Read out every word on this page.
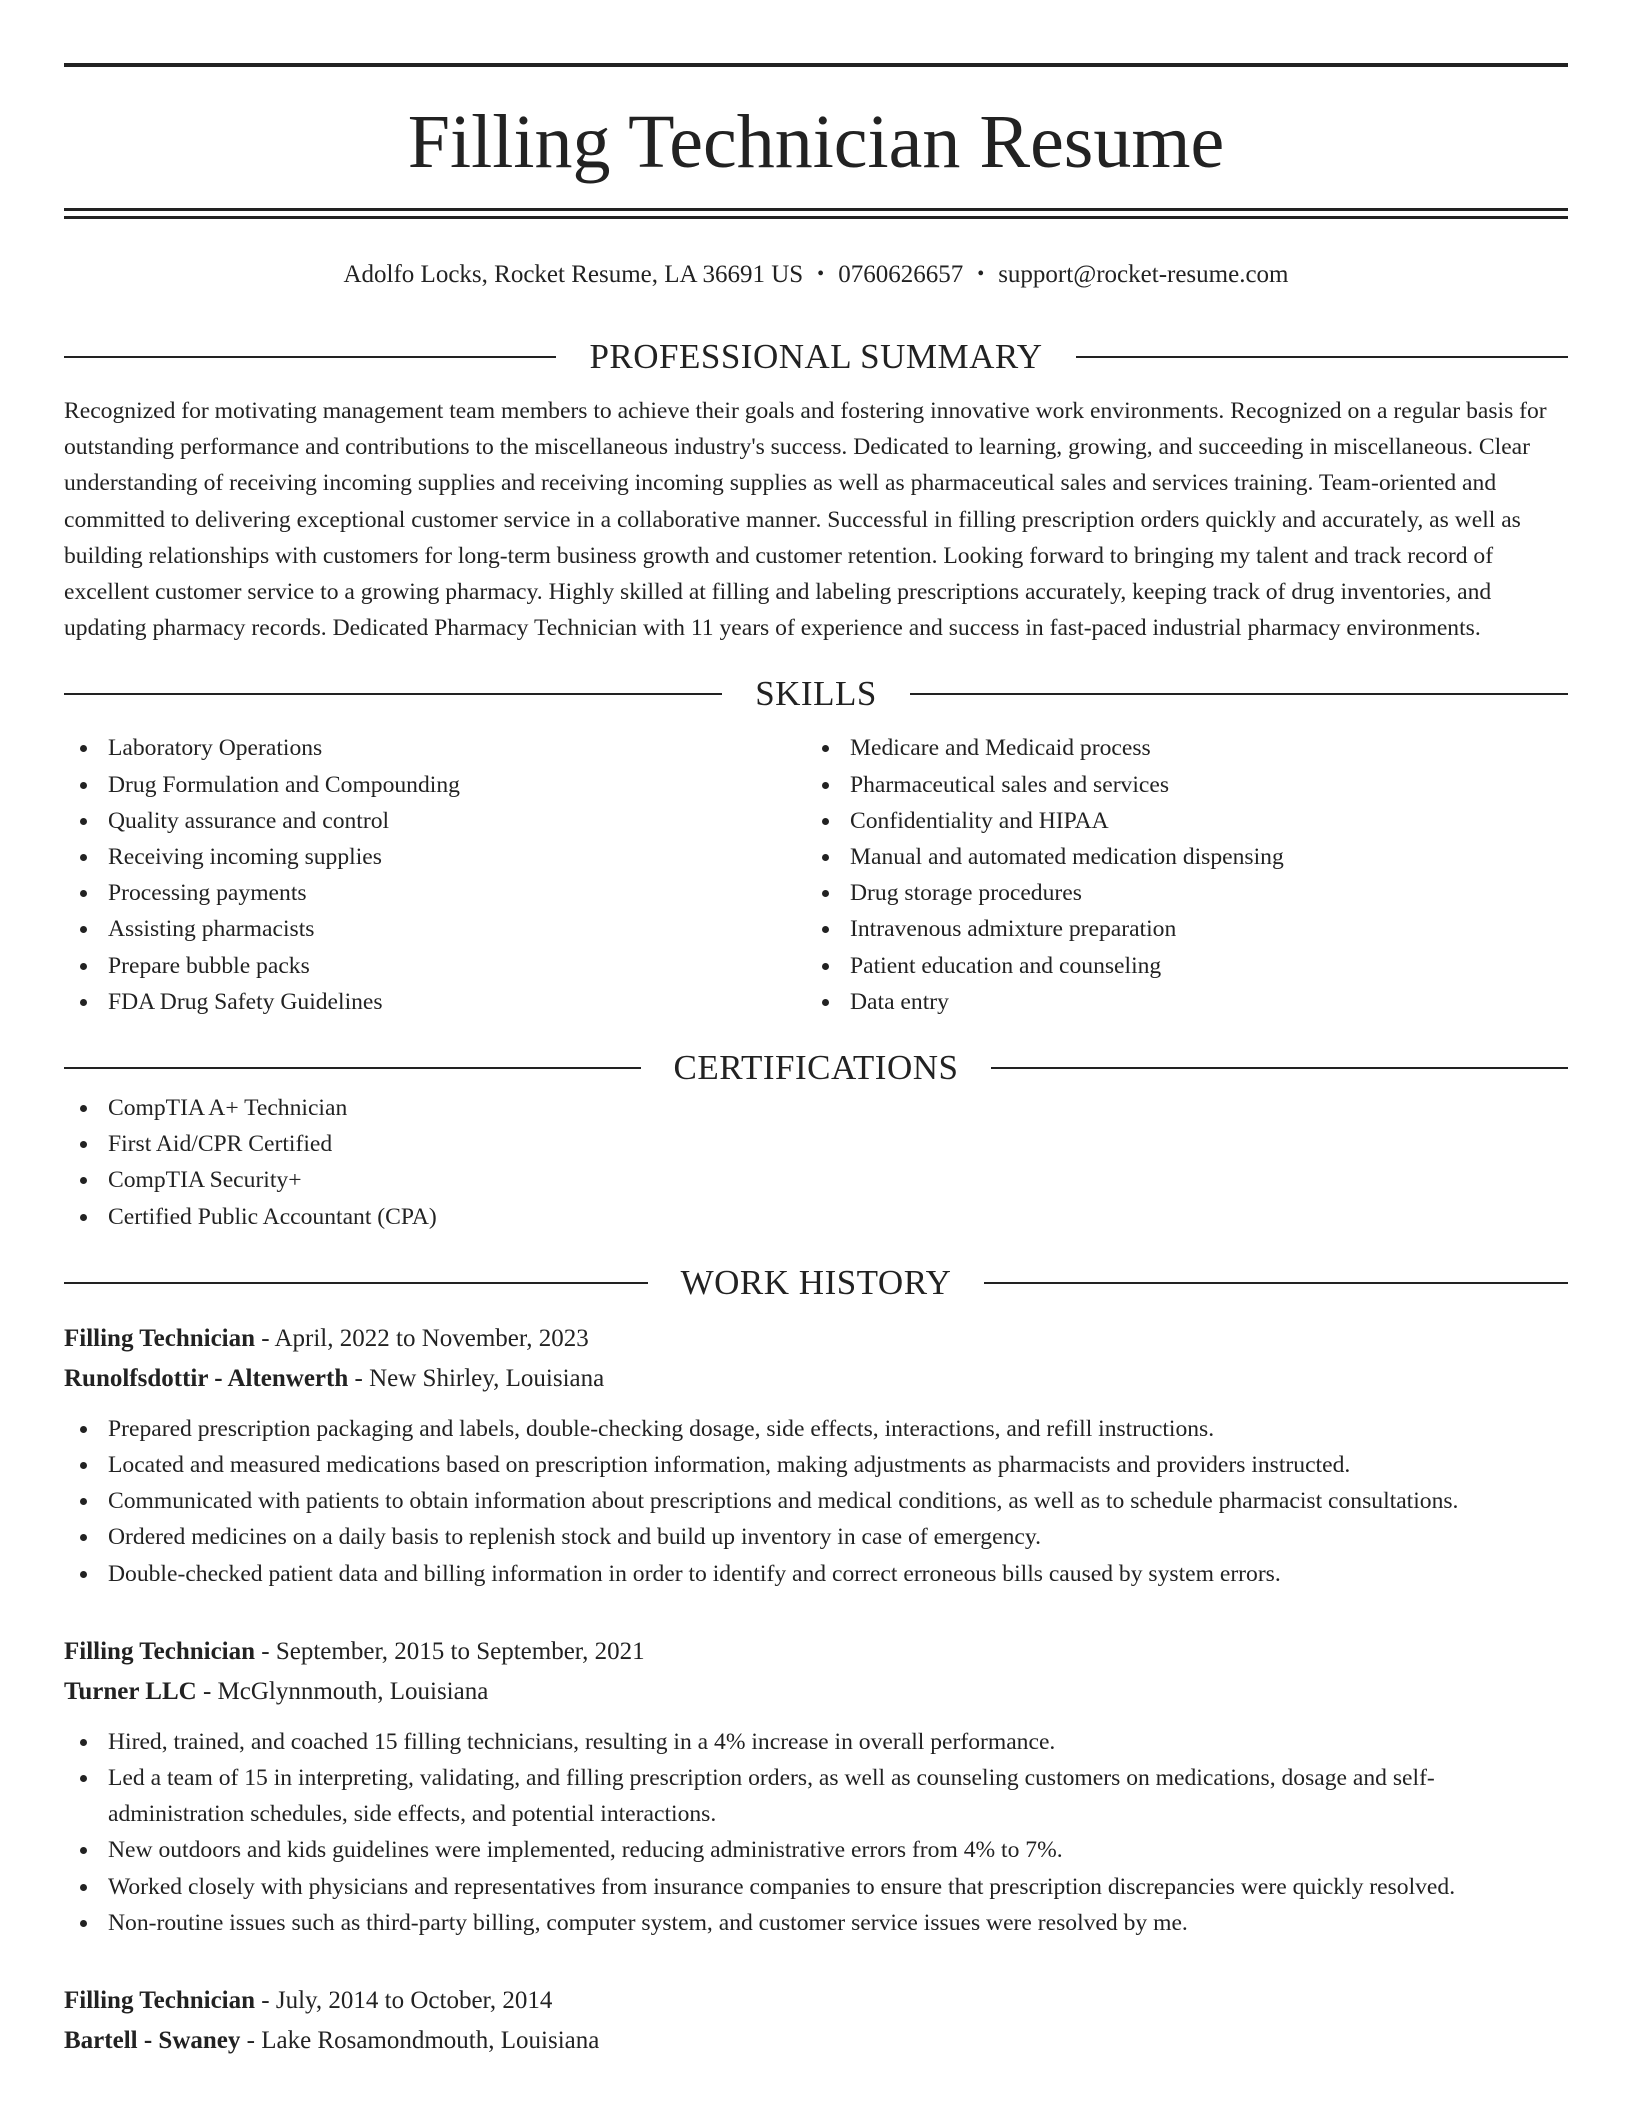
Filling Technician Resume
Adolfo Locks, Rocket Resume, LA 36691 US • 0760626657 • support@rocket-resume.com
PROFESSIONAL SUMMARY

Recognized for motivating management team members to achieve their goals and fostering innovative work environments. Recognized on a regular basis for outstanding performance and contributions to the miscellaneous industry's success. Dedicated to learning, growing, and succeeding in miscellaneous. Clear understanding of receiving incoming supplies and receiving incoming supplies as well as pharmaceutical sales and services training. Team-oriented and committed to delivering exceptional customer service in a collaborative manner. Successful in filling prescription orders quickly and accurately, as well as building relationships with customers for long-term business growth and customer retention. Looking forward to bringing my talent and track record of excellent customer service to a growing pharmacy. Highly skilled at filling and labeling prescriptions accurately, keeping track of drug inventories, and updating pharmacy records. Dedicated Pharmacy Technician with 11 years of experience and success in fast-paced industrial pharmacy environments.

SKILLS
Laboratory Operations
Drug Formulation and Compounding
Quality assurance and control
Receiving incoming supplies
Processing payments
Assisting pharmacists
Prepare bubble packs
FDA Drug Safety Guidelines
Medicare and Medicaid process
Pharmaceutical sales and services
Confidentiality and HIPAA
Manual and automated medication dispensing
Drug storage procedures
Intravenous admixture preparation
Patient education and counseling
Data entry
CERTIFICATIONS
CompTIA A+ Technician
First Aid/CPR Certified
CompTIA Security+
Certified Public Accountant (CPA)
WORK HISTORY
Filling Technician - April, 2022 to November, 2023
Runolfsdottir - Altenwerth - New Shirley, Louisiana
Prepared prescription packaging and labels, double-checking dosage, side effects, interactions, and refill instructions.
Located and measured medications based on prescription information, making adjustments as pharmacists and providers instructed.
Communicated with patients to obtain information about prescriptions and medical conditions, as well as to schedule pharmacist consultations.
Ordered medicines on a daily basis to replenish stock and build up inventory in case of emergency.
Double-checked patient data and billing information in order to identify and correct erroneous bills caused by system errors.
Filling Technician - September, 2015 to September, 2021
Turner LLC - McGlynnmouth, Louisiana
Hired, trained, and coached 15 filling technicians, resulting in a 4% increase in overall performance.
Led a team of 15 in interpreting, validating, and filling prescription orders, as well as counseling customers on medications, dosage and self-administration schedules, side effects, and potential interactions.
New outdoors and kids guidelines were implemented, reducing administrative errors from 4% to 7%.
Worked closely with physicians and representatives from insurance companies to ensure that prescription discrepancies were quickly resolved.
Non-routine issues such as third-party billing, computer system, and customer service issues were resolved by me.
Filling Technician - July, 2014 to October, 2014
Bartell - Swaney - Lake Rosamondmouth, Louisiana
